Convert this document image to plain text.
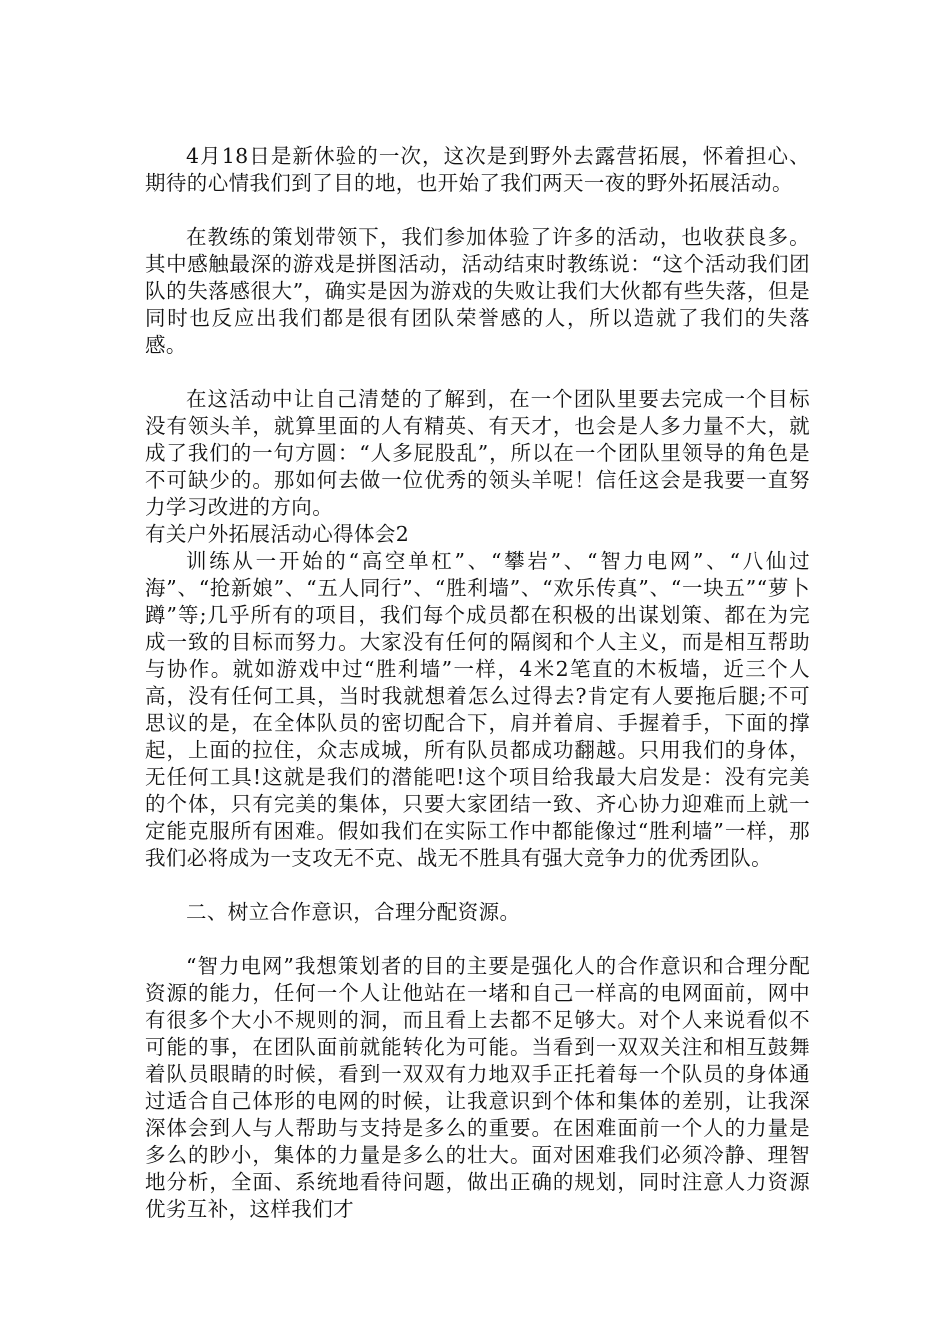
4月18日是新休验的一次，这次是到野外去露营拓展，怀着担心、期待的心情我们到了目的地，也开始了我们两天一夜的野外拓展活动。

在教练的策划带领下，我们参加体验了许多的活动，也收获良多。其中感触最深的游戏是拼图活动，活动结束时教练说：“这个活动我们团队的失落感很大”，确实是因为游戏的失败让我们大伙都有些失落，但是同时也反应出我们都是很有团队荣誉感的人，所以造就了我们的失落感。

在这活动中让自己清楚的了解到，在一个团队里要去完成一个目标没有领头羊，就算里面的人有精英、有天才，也会是人多力量不大，就成了我们的一句方圆：“人多屁股乱”，所以在一个团队里领导的角色是不可缺少的。那如何去做一位优秀的领头羊呢！信任这会是我要一直努力学习改进的方向。

有关户外拓展活动心得体会2

训练从一开始的“高空单杠”、“攀岩”、“智力电网”、“八仙过海”、“抢新娘”、“五人同行”、“胜利墙”、“欢乐传真”、“一块五”“萝卜蹲”等;几乎所有的项目，我们每个成员都在积极的出谋划策、都在为完成一致的目标而努力。大家没有任何的隔阂和个人主义，而是相互帮助与协作。就如游戏中过“胜利墙”一样，4米2笔直的木板墙，近三个人高，没有任何工具，当时我就想着怎么过得去?肯定有人要拖后腿;不可思议的是，在全体队员的密切配合下，肩并着肩、手握着手，下面的撑起，上面的拉住，众志成城，所有队员都成功翻越。只用我们的身体，无任何工具!这就是我们的潜能吧!这个项目给我最大启发是：没有完美的个体，只有完美的集体，只要大家团结一致、齐心协力迎难而上就一定能克服所有困难。假如我们在实际工作中都能像过“胜利墙”一样，那我们必将成为一支攻无不克、战无不胜具有强大竞争力的优秀团队。

二、树立合作意识，合理分配资源。

“智力电网”我想策划者的目的主要是强化人的合作意识和合理分配资源的能力，任何一个人让他站在一堵和自己一样高的电网面前，网中有很多个大小不规则的洞，而且看上去都不足够大。对个人来说看似不可能的事，在团队面前就能转化为可能。当看到一双双关注和相互鼓舞着队员眼睛的时候，看到一双双有力地双手正托着每一个队员的身体通过适合自己体形的电网的时候，让我意识到个体和集体的差别，让我深深体会到人与人帮助与支持是多么的重要。在困难面前一个人的力量是多么的眇小，集体的力量是多么的壮大。面对困难我们必须冷静、理智地分析，全面、系统地看待问题，做出正确的规划，同时注意人力资源优劣互补，这样我们才
